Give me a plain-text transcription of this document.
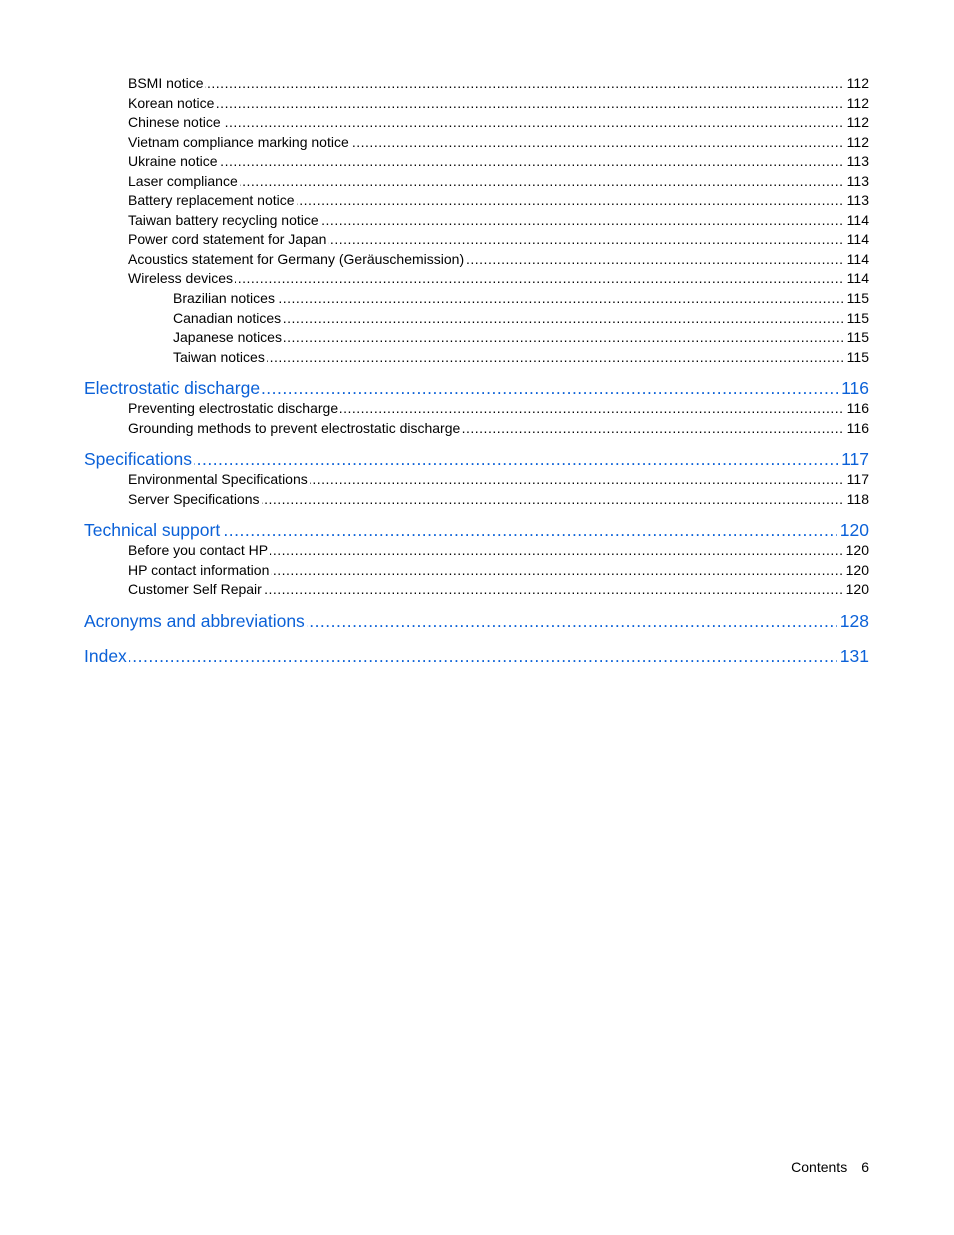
.....
BSMI notice	112
.....
Korean notice	112
.....
Chinese notice	112
.....
Vietnam compliance marking notice	112
.....
Ukraine notice	113
.....
Laser compliance	113
.....
Battery replacement notice	113
.....
Taiwan battery recycling notice	114
.....
Power cord statement for Japan	114
.....
Acoustics statement for Germany (Geräuschemission)	114
.....
Wireless devices	114
.....
Brazilian notices	115
.....
Canadian notices	115
.....
Japanese notices	115
.....
Taiwan notices	115
.....
Electrostatic discharge	116
.....
Preventing electrostatic discharge	116
.....
Grounding methods to prevent electrostatic discharge	116
.....
Specifications	117
.....
Environmental Specifications	117
.....
Server Specifications	118
.....
Technical support	120
.....
Before you contact HP	120
.....
HP contact information	120
.....
Customer Self Repair	120
.....
Acronyms and abbreviations	128
.....
Index	131
Contents 6
